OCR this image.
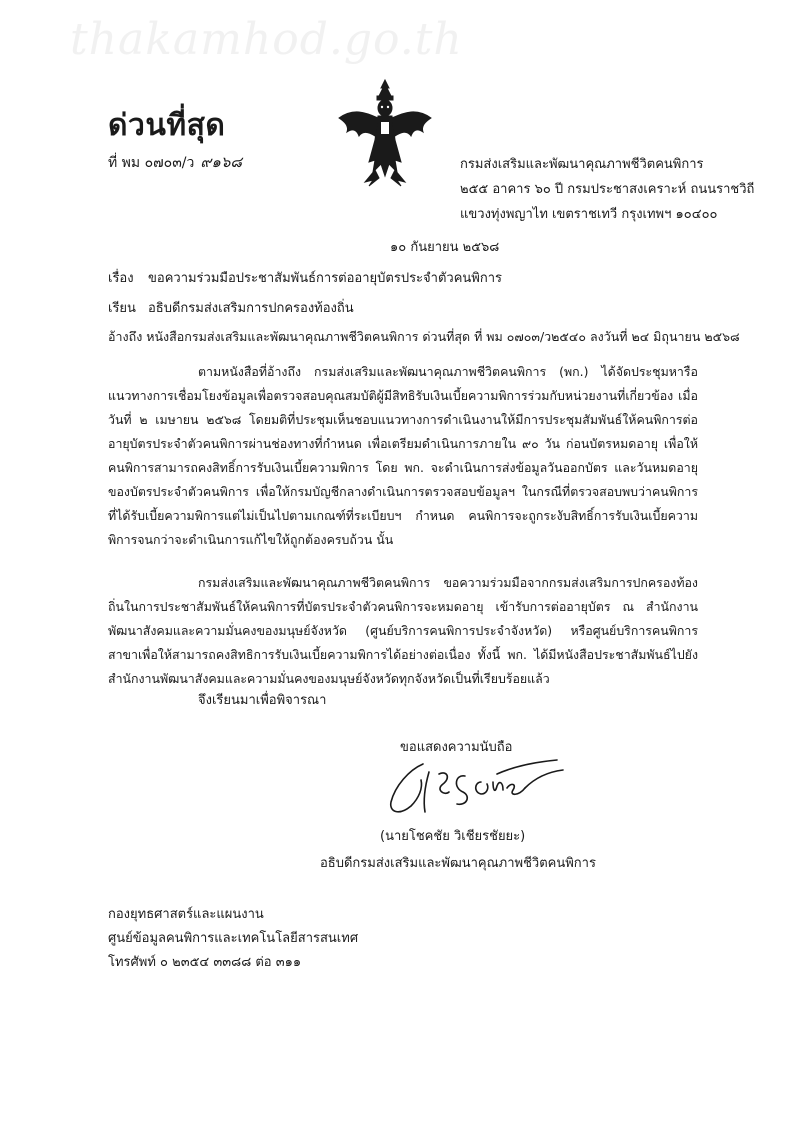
thakamhod.go.th
ด่วนที่สุด
ที่ พม ๐๗๐๓/ว ๙๑๖๘	กรมส่งเสริมและพัฒนาคุณภาพชีวิตคนพิการ
๒๕๕ อาคาร ๖๐ ปี กรมประชาสงเคราะห์ ถนนราชวิถี
แขวงทุ่งพญาไท เขตราชเทวี กรุงเทพฯ ๑๐๔๐๐
๑๐ กันยายน ๒๕๖๘
เรื่อง ขอความร่วมมือประชาสัมพันธ์การต่ออายุบัตรประจำตัวคนพิการ
เรียน อธิบดีกรมส่งเสริมการปกครองท้องถิ่น
อ้างถึง หนังสือกรมส่งเสริมและพัฒนาคุณภาพชีวิตคนพิการ ด่วนที่สุด ที่ พม ๐๗๐๓/ว๒๕๔๐ ลงวันที่ ๒๔ มิถุนายน ๒๕๖๘

ตามหนังสือที่อ้างถึง กรมส่งเสริมและพัฒนาคุณภาพชีวิตคนพิการ (พก.) ได้จัดประชุมหารือแนวทางการเชื่อมโยงข้อมูลเพื่อตรวจสอบคุณสมบัติผู้มีสิทธิรับเงินเบี้ยความพิการร่วมกับหน่วยงานที่เกี่ยวข้อง เมื่อวันที่ ๒ เมษายน ๒๕๖๘ โดยมติที่ประชุมเห็นชอบแนวทางการดำเนินงานให้มีการประชุมสัมพันธ์ให้คนพิการต่ออายุบัตรประจำตัวคนพิการผ่านช่องทางที่กำหนด เพื่อเตรียมดำเนินการภายใน ๙๐ วัน ก่อนบัตรหมดอายุ เพื่อให้คนพิการสามารถคงสิทธิ์การรับเงินเบี้ยความพิการ โดย พก. จะดำเนินการส่งข้อมูลวันออกบัตร และวันหมดอายุของบัตรประจำตัวคนพิการ เพื่อให้กรมบัญชีกลางดำเนินการตรวจสอบข้อมูลฯ ในกรณีที่ตรวจสอบพบว่าคนพิการที่ได้รับเบี้ยความพิการแต่ไม่เป็นไปตามเกณฑ์ที่ระเบียบฯ กำหนด คนพิการจะถูกระงับสิทธิ์การรับเงินเบี้ยความพิการจนกว่าจะดำเนินการแก้ไขให้ถูกต้องครบถ้วน นั้น

กรมส่งเสริมและพัฒนาคุณภาพชีวิตคนพิการ ขอความร่วมมือจากกรมส่งเสริมการปกครองท้องถิ่นในการประชาสัมพันธ์ให้คนพิการที่บัตรประจำตัวคนพิการจะหมดอายุ เข้ารับการต่ออายุบัตร ณ สำนักงานพัฒนาสังคมและความมั่นคงของมนุษย์จังหวัด (ศูนย์บริการคนพิการประจำจังหวัด) หรือศูนย์บริการคนพิการสาขาเพื่อให้สามารถคงสิทธิการรับเงินเบี้ยความพิการได้อย่างต่อเนื่อง ทั้งนี้ พก. ได้มีหนังสือประชาสัมพันธ์ไปยังสำนักงานพัฒนาสังคมและความมั่นคงของมนุษย์จังหวัดทุกจังหวัดเป็นที่เรียบร้อยแล้ว

จึงเรียนมาเพื่อพิจารณา
ขอแสดงความนับถือ
(นายโชคชัย วิเชียรชัยยะ)
อธิบดีกรมส่งเสริมและพัฒนาคุณภาพชีวิตคนพิการ
กองยุทธศาสตร์และแผนงาน
ศูนย์ข้อมูลคนพิการและเทคโนโลยีสารสนเทศ
โทรศัพท์ ๐ ๒๓๕๔ ๓๓๘๘ ต่อ ๓๑๑
